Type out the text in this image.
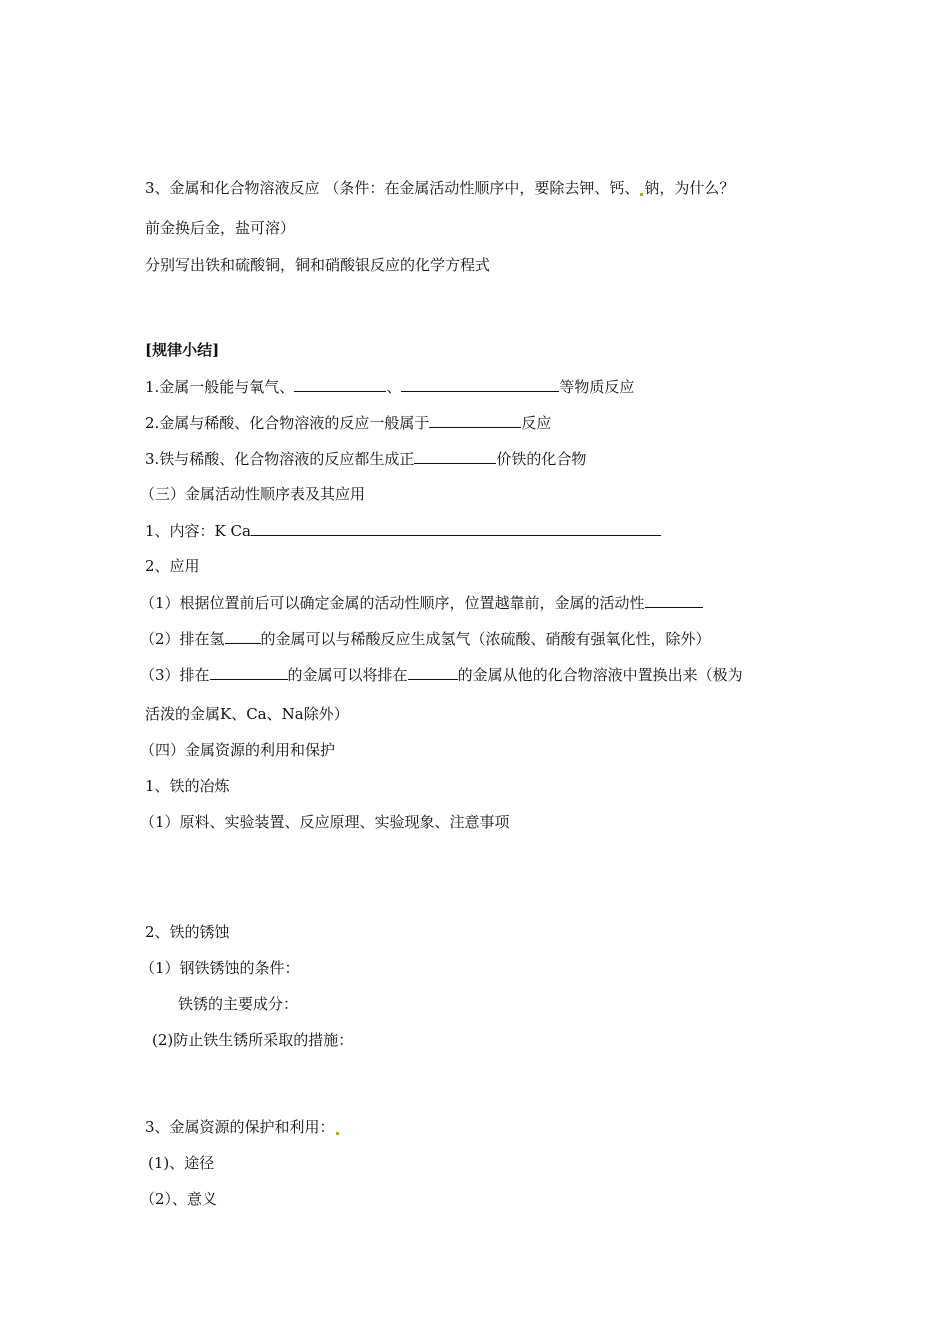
3、金属和化合物溶液反应 （条件：在金属活动性顺序中，要除去钾、钙、 钠，为什么？
前金换后金，盐可溶）
分别写出铁和硫酸铜，铜和硝酸银反应的化学方程式
[规律小结]
1.金属一般能与氧气、	、	等物质反应
2.金属与稀酸、化合物溶液的反应一般属于	反应
3.铁与稀酸、化合物溶液的反应都生成正	价铁的化合物
（三）金属活动性顺序表及其应用
1、内容：K Ca
2、应用
（1）根据位置前后可以确定金属的活动性顺序，位置越靠前，金属的活动性
（2）排在氢 的金属可以与稀酸反应生成氢气（浓硫酸、硝酸有强氧化性，除外）
（3）排在	的金属可以将排在	的金属从他的化合物溶液中置换出来（极为
活泼的金属K、Ca、Na除外）
（四）金属资源的利用和保护
1、铁的冶炼
（1）原料、实验装置、反应原理、实验现象、注意事项
2、铁的锈蚀
（1）钢铁锈蚀的条件：
铁锈的主要成分：
(2)防止铁生锈所采取的措施：
3、金属资源的保护和利用：
(1)、途径
（2）、意义
